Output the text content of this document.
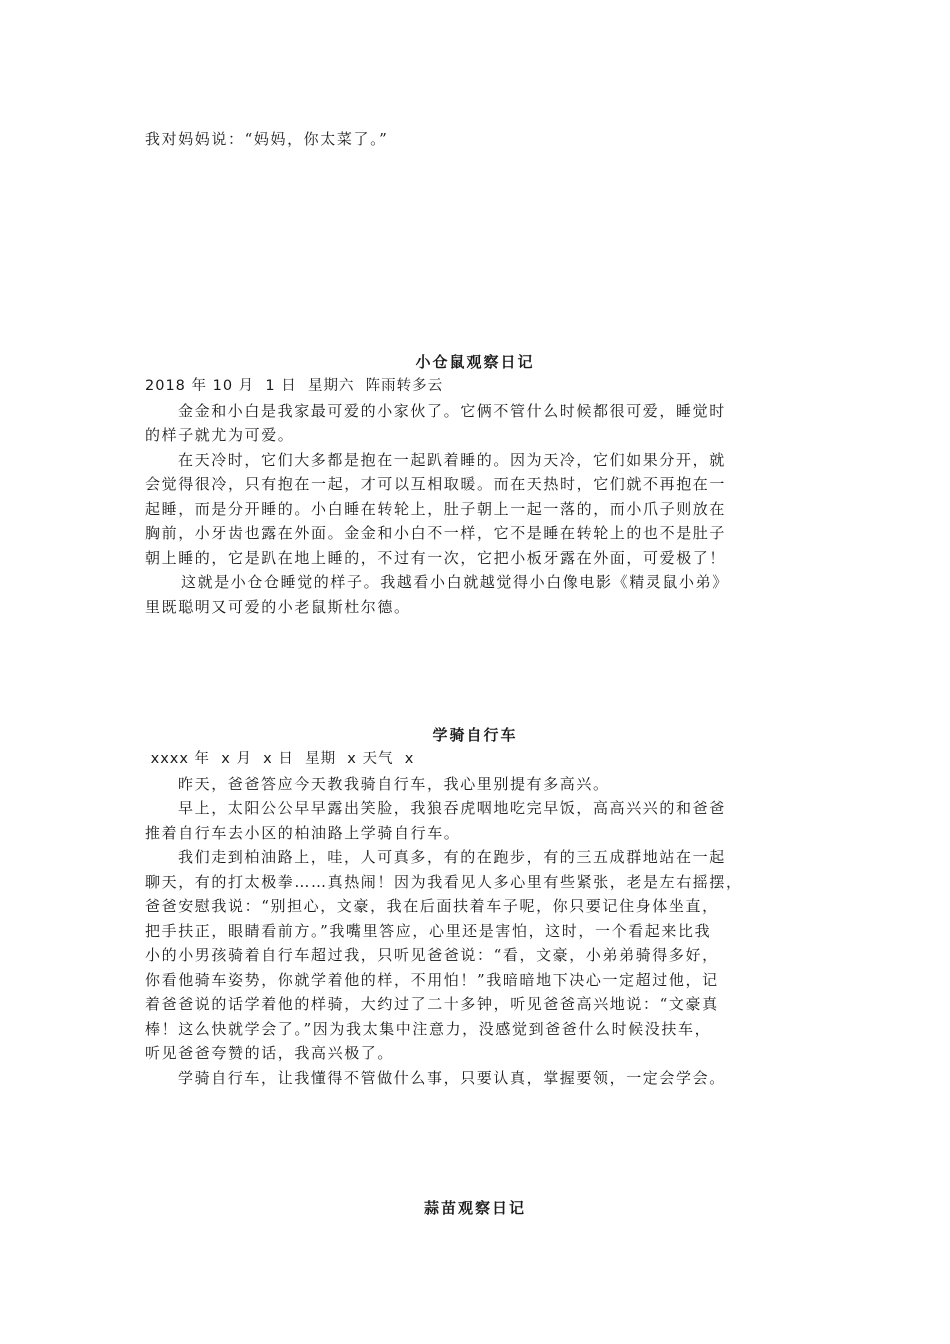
我对妈妈说：“妈妈，你太菜了。”
小仓鼠观察日记
2018 年 10 月  1 日  星期六  阵雨转多云
金金和小白是我家最可爱的小家伙了。它俩不管什么时候都很可爱，睡觉时
的样子就尤为可爱。
在天冷时，它们大多都是抱在一起趴着睡的。因为天冷，它们如果分开，就
会觉得很冷，只有抱在一起，才可以互相取暖。而在天热时，它们就不再抱在一
起睡，而是分开睡的。小白睡在转轮上，肚子朝上一起一落的，而小爪子则放在
胸前，小牙齿也露在外面。金金和小白不一样，它不是睡在转轮上的也不是肚子
朝上睡的，它是趴在地上睡的，不过有一次，它把小板牙露在外面，可爱极了！
这就是小仓仓睡觉的样子。我越看小白就越觉得小白像电影《精灵鼠小弟》
里既聪明又可爱的小老鼠斯杜尔德。
学骑自行车
xxxx 年  x 月  x 日  星期  x 天气  x
昨天，爸爸答应今天教我骑自行车，我心里别提有多高兴。
早上，太阳公公早早露出笑脸，我狼吞虎咽地吃完早饭，高高兴兴的和爸爸
推着自行车去小区的柏油路上学骑自行车。
我们走到柏油路上，哇，人可真多，有的在跑步，有的三五成群地站在一起
聊天，有的打太极拳……真热闹！因为我看见人多心里有些紧张，老是左右摇摆，
爸爸安慰我说：“别担心，文豪，我在后面扶着车子呢，你只要记住身体坐直，
把手扶正，眼睛看前方。”我嘴里答应，心里还是害怕，这时，一个看起来比我
小的小男孩骑着自行车超过我，只听见爸爸说：“看，文豪，小弟弟骑得多好，
你看他骑车姿势，你就学着他的样，不用怕！”我暗暗地下决心一定超过他，记
着爸爸说的话学着他的样骑，大约过了二十多钟，听见爸爸高兴地说：“文豪真
棒！这么快就学会了。”因为我太集中注意力，没感觉到爸爸什么时候没扶车，
听见爸爸夸赞的话，我高兴极了。
学骑自行车，让我懂得不管做什么事，只要认真，掌握要领，一定会学会。
蒜苗观察日记
